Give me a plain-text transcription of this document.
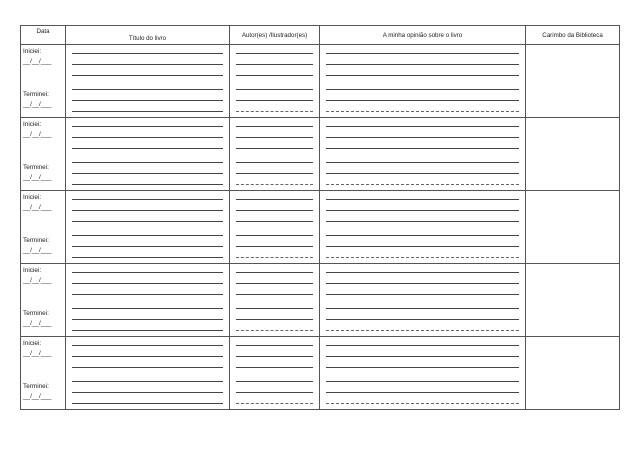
Data	Título do livro	Autor(es) /Ilustrador(es)	A minha opinião sobre o livro	Carimbo da Biblioteca

Iniciei:
__/__/___
Terminei:
__/__/___				

Iniciei:
__/__/___
Terminei:
__/__/___				

Iniciei:
__/__/___
Terminei:
__/__/___				

Iniciei:
__/__/___
Terminei:
__/__/___				

Iniciei:
__/__/___
Terminei:
__/__/___				
